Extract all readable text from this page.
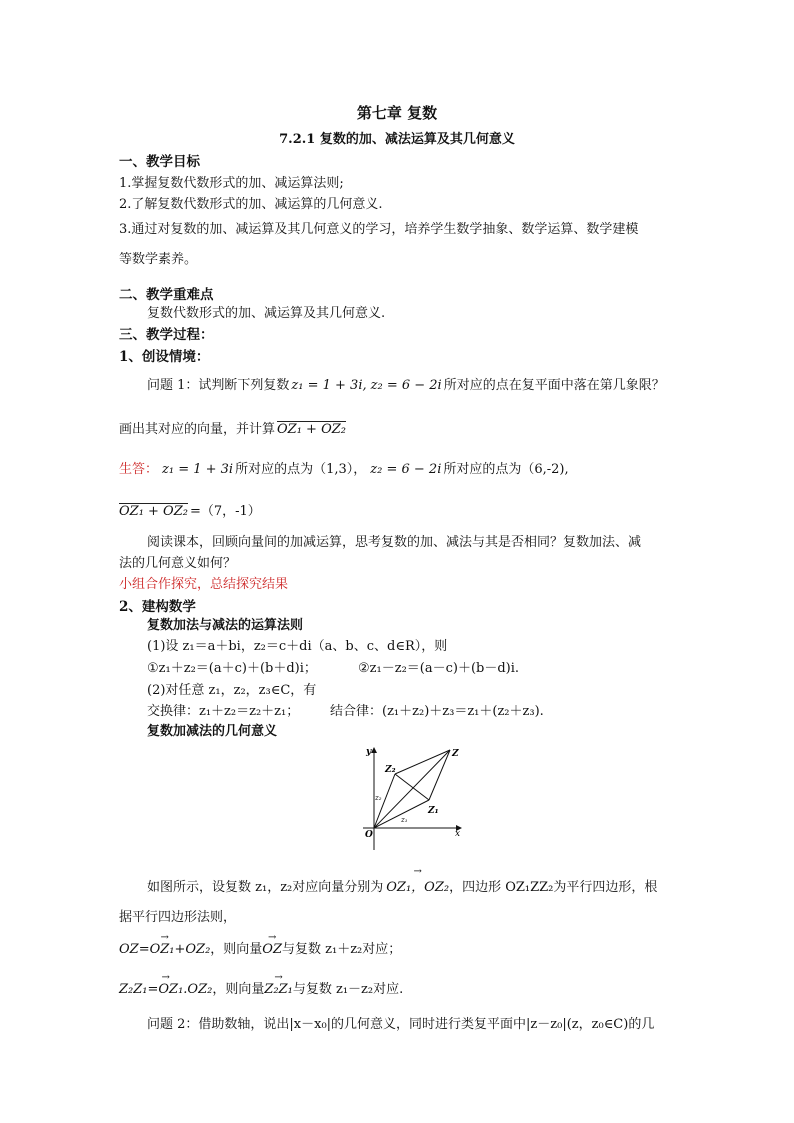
第七章 复数
7.2.1 复数的加、减法运算及其几何意义
一、教学目标
1.掌握复数代数形式的加、减运算法则;
2.了解复数代数形式的加、减运算的几何意义.
3.通过对复数的加、减运算及其几何意义的学习，培养学生数学抽象、数学运算、数学建模
等数学素养。
二、教学重难点
复数代数形式的加、减运算及其几何意义.
三、教学过程：
1、创设情境：
问题 1：试判断下列复数 z₁ = 1 + 3i, z₂ = 6 − 2i 所对应的点在复平面中落在第几象限？
画出其对应的向量，并计算 OZ₁ + OZ₂
生答： z₁ = 1 + 3i 所对应的点为（1,3）， z₂ = 6 − 2i 所对应的点为（6,-2),
OZ₁ + OZ₂ =（7，-1）
阅读课本，回顾向量间的加减运算，思考复数的加、减法与其是否相同？复数加法、减
法的几何意义如何？
小组合作探究，总结探究结果
2、建构数学
复数加法与减法的运算法则
(1)设 z₁＝a＋bi，z₂＝c＋di（a、b、c、d∈R），则
①z₁＋z₂＝(a＋c)＋(b＋d)i；	②z₁－z₂＝(a－c)＋(b－d)i.
(2)对任意 z₁，z₂，z₃∈C，有
交换律：z₁＋z₂＝z₂＋z₁； 结合律：(z₁＋z₂)＋z₃＝z₁＋(z₂＋z₃).
复数加减法的几何意义
y
x
O
Z
Z₁
Z₂
z₁
z₂
如图所示，设复数 z₁，z₂对应向量分别为 OZ₁，OZ₂ →，四边形 OZ₁ZZ₂为平行四边形，根
据平行四边形法则，
OZ=OZ₁+OZ₂ →，则向量OZ →与复数 z₁＋z₂对应；
Z₂Z₁=OZ₁.OZ₂ →，则向量Z₂Z₁ →与复数 z₁－z₂对应.
问题 2：借助数轴，说出|x－x₀|的几何意义，同时进行类复平面中|z－z₀|(z，z₀∈C)的几
